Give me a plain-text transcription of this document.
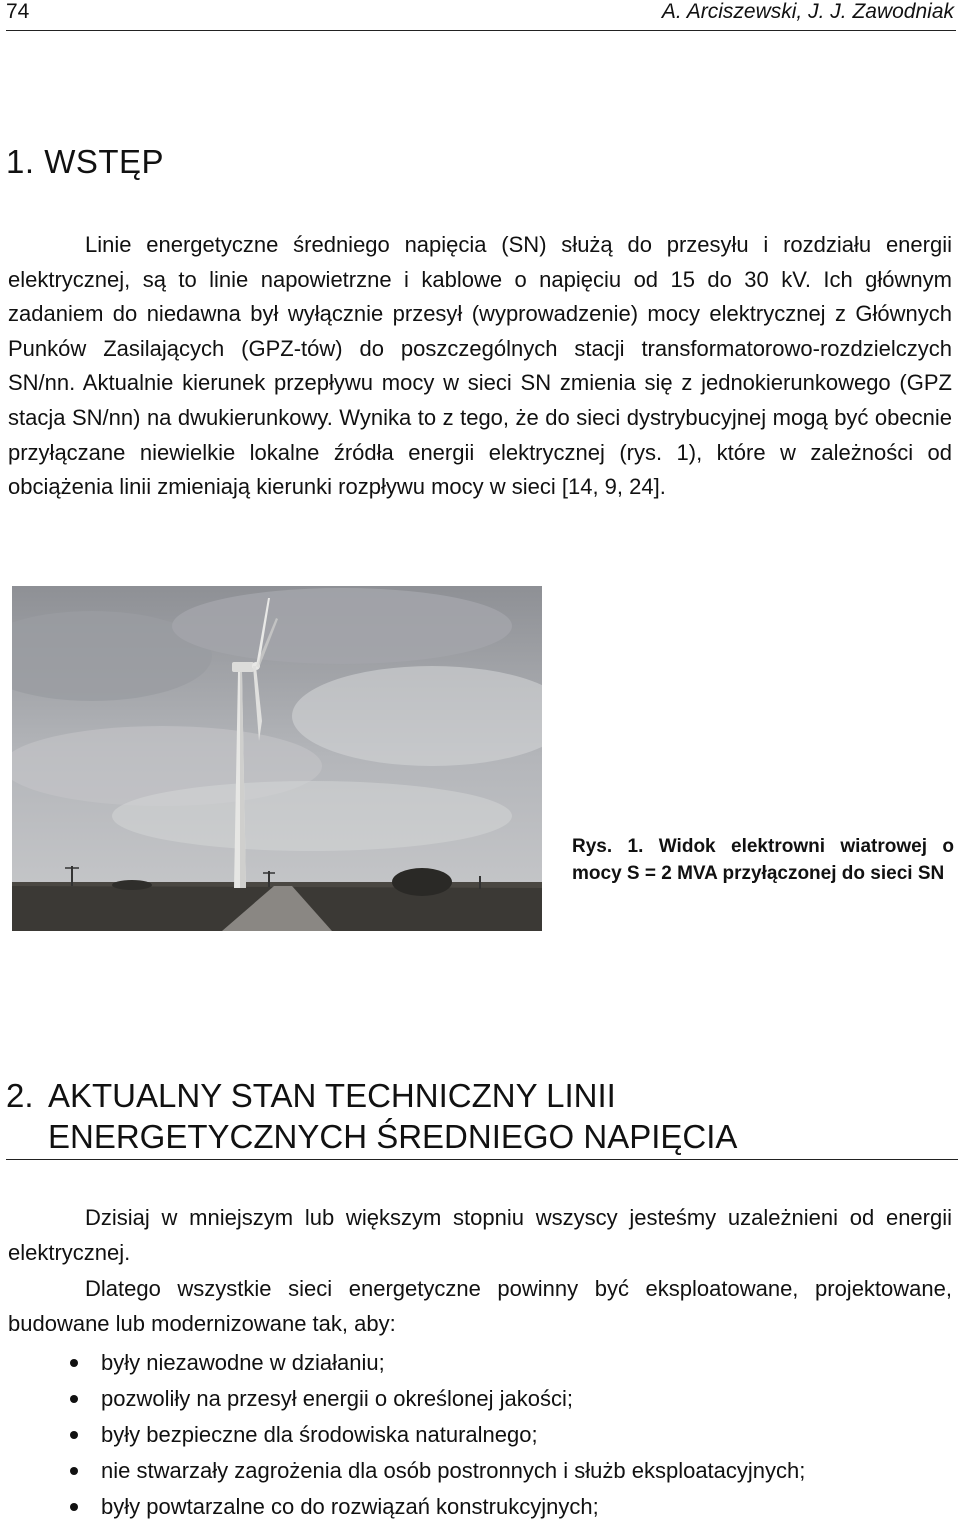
74	A. Arciszewski, J. J. Zawodniak
1. WSTĘP

Linie energetyczne średniego napięcia (SN) służą do przesyłu i rozdziału energii elektrycznej, są to linie napowietrzne i kablowe o napięciu od 15 do 30 kV. Ich głównym zadaniem do niedawna był wyłącznie przesył (wyprowadzenie) mocy elektrycznej z Głównych Punków Zasilających (GPZ-tów) do poszczególnych stacji transformatorowo-rozdzielczych SN/nn. Aktualnie kierunek przepływu mocy w sieci SN zmienia się z jednokierunkowego (GPZ stacja SN/nn) na dwukierunkowy. Wynika to z tego, że do sieci dystrybucyjnej mogą być obecnie przyłączane niewielkie lokalne źródła energii elektrycznej (rys. 1), które w zależności od obciążenia linii zmieniają kierunki rozpływu mocy w sieci [14, 9, 24].

Rys. 1. Widok elektrowni wiatrowej o mocy S = 2 MVA przyłączonej do sieci SN

2. AKTUALNY STAN TECHNICZNY LINII
ENERGETYCZNYCH ŚREDNIEGO NAPIĘCIA

Dzisiaj w mniejszym lub większym stopniu wszyscy jesteśmy uzależnieni od energii elektrycznej.

Dlatego wszystkie sieci energetyczne powinny być eksploatowane, projektowane, budowane lub modernizowane tak, aby:

były niezawodne w działaniu;
pozwoliły na przesył energii o określonej jakości;
były bezpieczne dla środowiska naturalnego;
nie stwarzały zagrożenia dla osób postronnych i służb eksploatacyjnych;
były powtarzalne co do rozwiązań konstrukcyjnych;
